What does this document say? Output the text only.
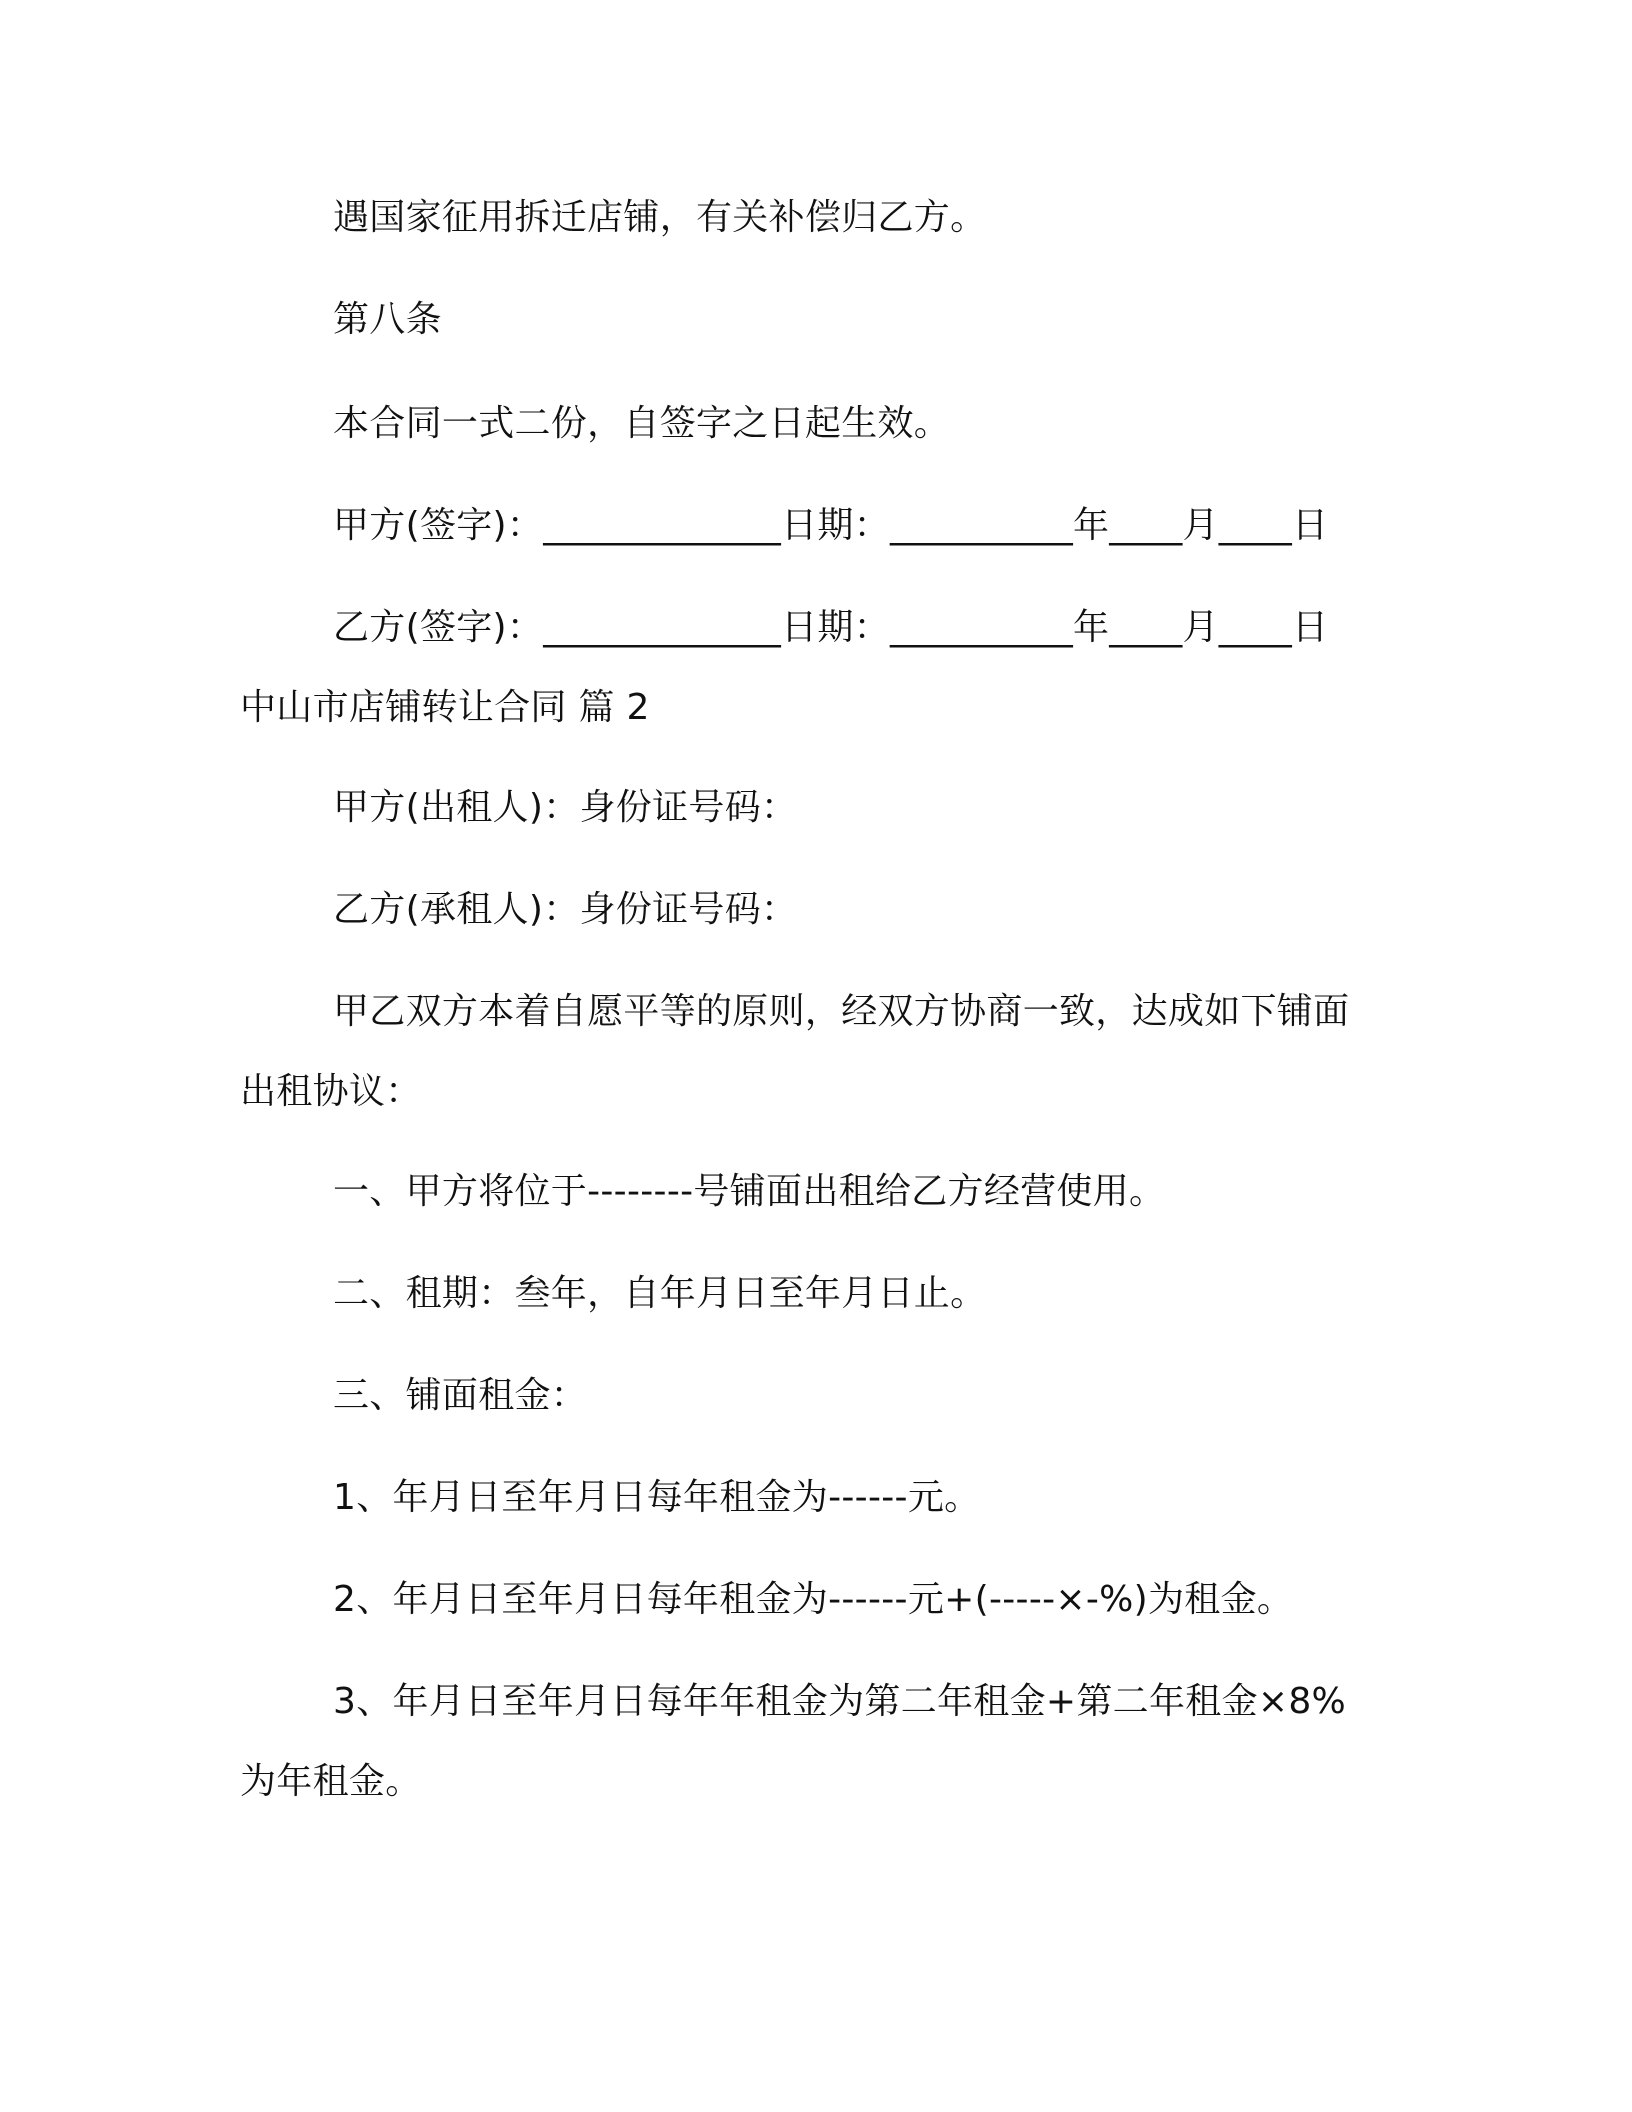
遇国家征用拆迁店铺，有关补偿归乙方。
第八条
本合同一式二份，自签字之日起生效。
甲方(签字)：_____________日期：__________年____月____日
乙方(签字)：_____________日期：__________年____月____日
中山市店铺转让合同 篇 2
甲方(出租人)：身份证号码：
乙方(承租人)：身份证号码：
甲乙双方本着自愿平等的原则，经双方协商一致，达成如下铺面
出租协议：
一、甲方将位于--------号铺面出租给乙方经营使用。
二、租期：叁年，自年月日至年月日止。
三、铺面租金：
1、年月日至年月日每年租金为------元。
2、年月日至年月日每年租金为------元+(-----×-%)为租金。
3、年月日至年月日每年年租金为第二年租金+第二年租金×8%
为年租金。
